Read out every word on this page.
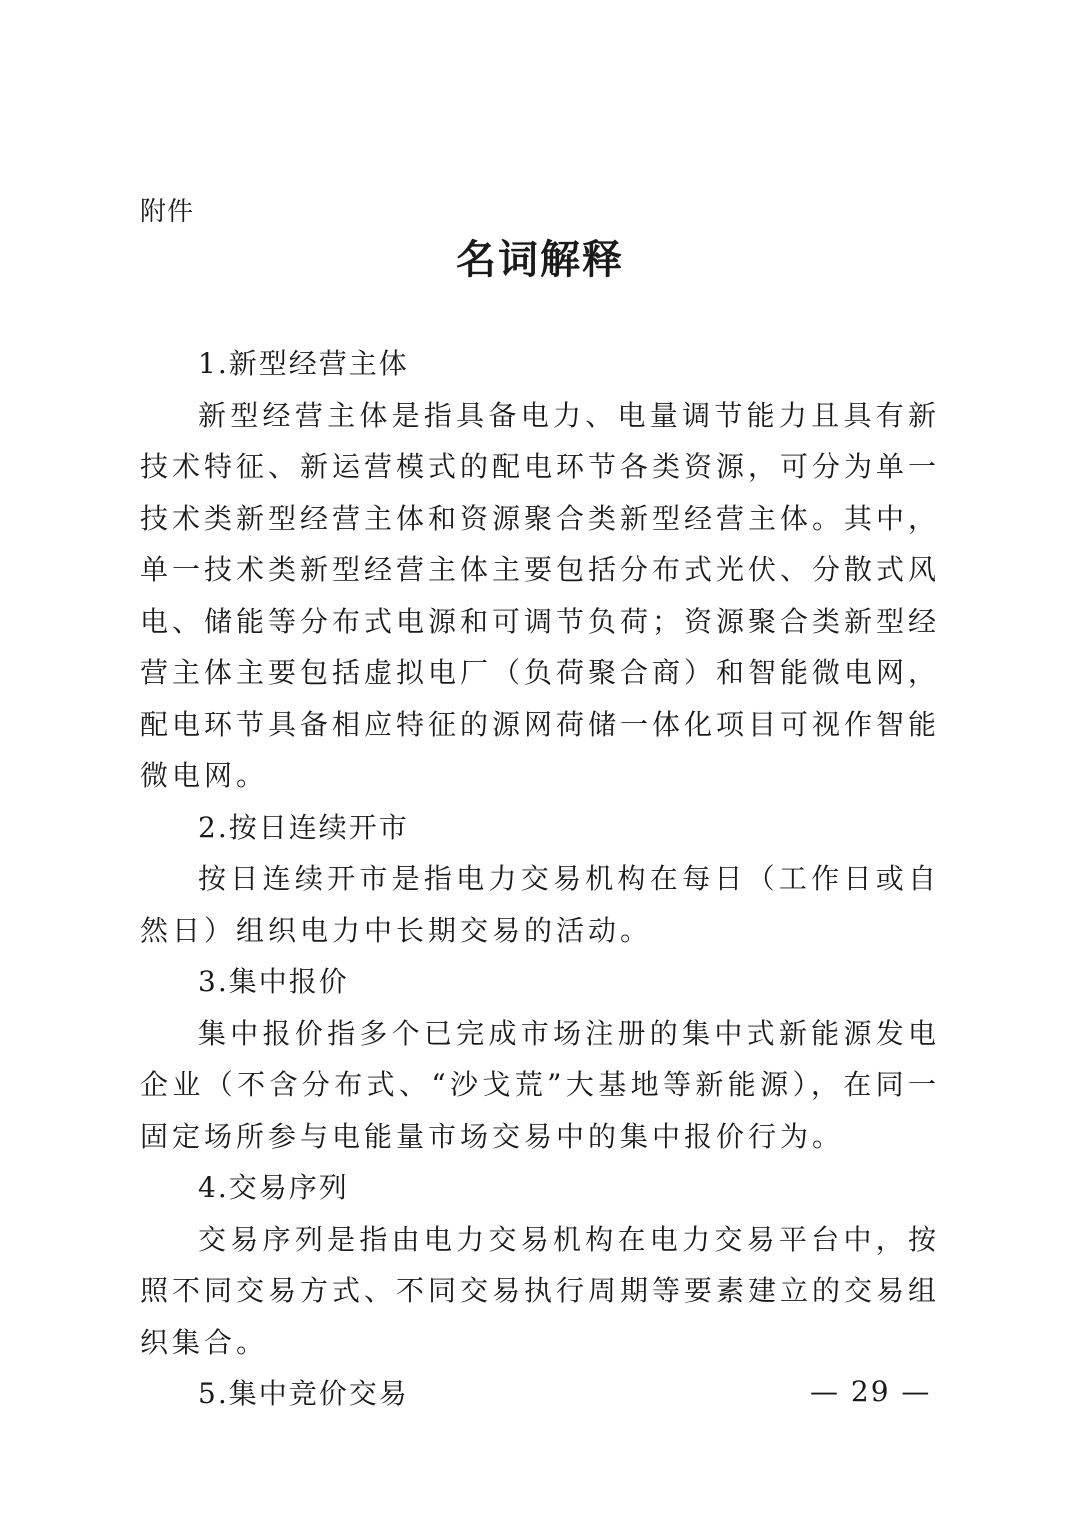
附件
名词解释

1.新型经营主体

新型经营主体是指具备电力、电量调节能力且具有新技术特征、新运营模式的配电环节各类资源，可分为单一技术类新型经营主体和资源聚合类新型经营主体。其中，单一技术类新型经营主体主要包括分布式光伏、分散式风电、储能等分布式电源和可调节负荷；资源聚合类新型经营主体主要包括虚拟电厂（负荷聚合商）和智能微电网，配电环节具备相应特征的源网荷储一体化项目可视作智能微电网。

2.按日连续开市

按日连续开市是指电力交易机构在每日（工作日或自然日）组织电力中长期交易的活动。

3.集中报价

集中报价指多个已完成市场注册的集中式新能源发电企业（不含分布式、“沙戈荒”大基地等新能源），在同一固定场所参与电能量市场交易中的集中报价行为。

4.交易序列

交易序列是指由电力交易机构在电力交易平台中，按照不同交易方式、不同交易执行周期等要素建立的交易组织集合。

5.集中竞价交易	— 29 —
